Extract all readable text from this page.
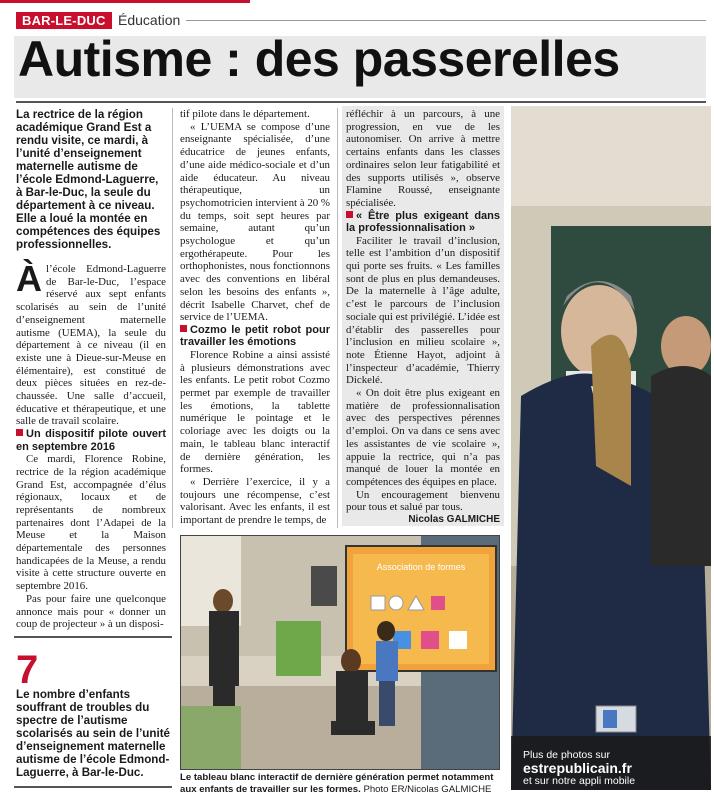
BAR-LE-DUC Éducation
Autisme : des passerelles
La rectrice de la région académique Grand Est a rendu visite, ce mardi, à l’unité d’enseignement maternelle autisme de l’école Edmond-Laguerre, à Bar-le-Duc, la seule du département à ce niveau. Elle a loué la montée en compétences des équipes professionnelles.

Àl’école Edmond-Laguerre de Bar-le-Duc, l’espace réservé aux sept enfants scolarisés au sein de l’unité d’enseignement maternelle autisme (UEMA), la seule du département à ce niveau (il en existe une à Dieue-sur-Meuse en élémentaire), est constitué de deux pièces situées en rez-de-chaussée. Une salle d’accueil, éducative et thérapeutique, et une salle de travail scolaire.

Un dispositif pilote ouvert en septembre 2016

Ce mardi, Florence Robine, rectrice de la région académique Grand Est, accompagnée d’élus régionaux, locaux et de représentants de nombreux partenaires dont l’Adapei de la Meuse et la Maison départementale des personnes handicapées de la Meuse, a rendu visite à cette structure ouverte en septembre 2016.

Pas pour faire une quelconque annonce mais pour « donner un coup de projecteur » à un disposi-

7
Le nombre d’enfants souffrant de troubles du spectre de l’autisme scolarisés au sein de l’unité d’enseignement maternelle autisme de l’école Edmond-Laguerre, à Bar-le-Duc.

tif pilote dans le département.

« L’UEMA se compose d’une enseignante spécialisée, d’une éducatrice de jeunes enfants, d’une aide médico-sociale et d’un aide éducateur. Au niveau thérapeutique, un psychomotricien intervient à 20 % du temps, soit sept heures par semaine, autant qu’un psychologue et qu’un ergothérapeute. Pour les orthophonistes, nous fonctionnons avec des conventions en libéral selon les besoins des enfants », décrit Isabelle Charvet, chef de service de l’UEMA.

Cozmo le petit robot pour travailler les émotions

Florence Robine a ainsi assisté à plusieurs démonstrations avec les enfants. Le petit robot Cozmo permet par exemple de travailler les émotions, la tablette numérique le pointage et le coloriage avec les doigts ou la main, le tableau blanc interactif de dernière génération, les formes.

« Derrière l’exercice, il y a toujours une récompense, c’est valorisant. Avec les enfants, il est important de prendre le temps, de

réfléchir à un parcours, à une progression, en vue de les autonomiser. On arrive à mettre certains enfants dans les classes ordinaires selon leur fatigabilité et des supports utilisés », observe Flamine Roussé, enseignante spécialisée.

« Être plus exigeant dans la professionnalisation »

Faciliter le travail d’inclusion, telle est l’ambition d’un dispositif qui porte ses fruits. « Les familles sont de plus en plus demandeuses. De la maternelle à l’âge adulte, c’est le parcours de l’inclusion sociale qui est privilégié. L’idée est d’établir des passerelles pour l’inclusion en milieu scolaire », note Étienne Hayot, adjoint à l’inspecteur d’académie, Thierry Dickelé.

« On doit être plus exigeant en matière de professionnalisation avec des perspectives pérennes d’emploi. On va dans ce sens avec les assistantes de vie scolaire », appuie la rectrice, qui n’a pas manqué de louer la montée en compétences des équipes en place.

Un encouragement bienvenu pour tous et salué par tous.

Nicolas GALMICHE
Association de formes
Le tableau blanc interactif de dernière génération permet notamment aux enfants de travailler sur les formes. Photo ER/Nicolas GALMICHE
Plus de photos sur
estrepublicain.fr
et sur notre appli mobile
